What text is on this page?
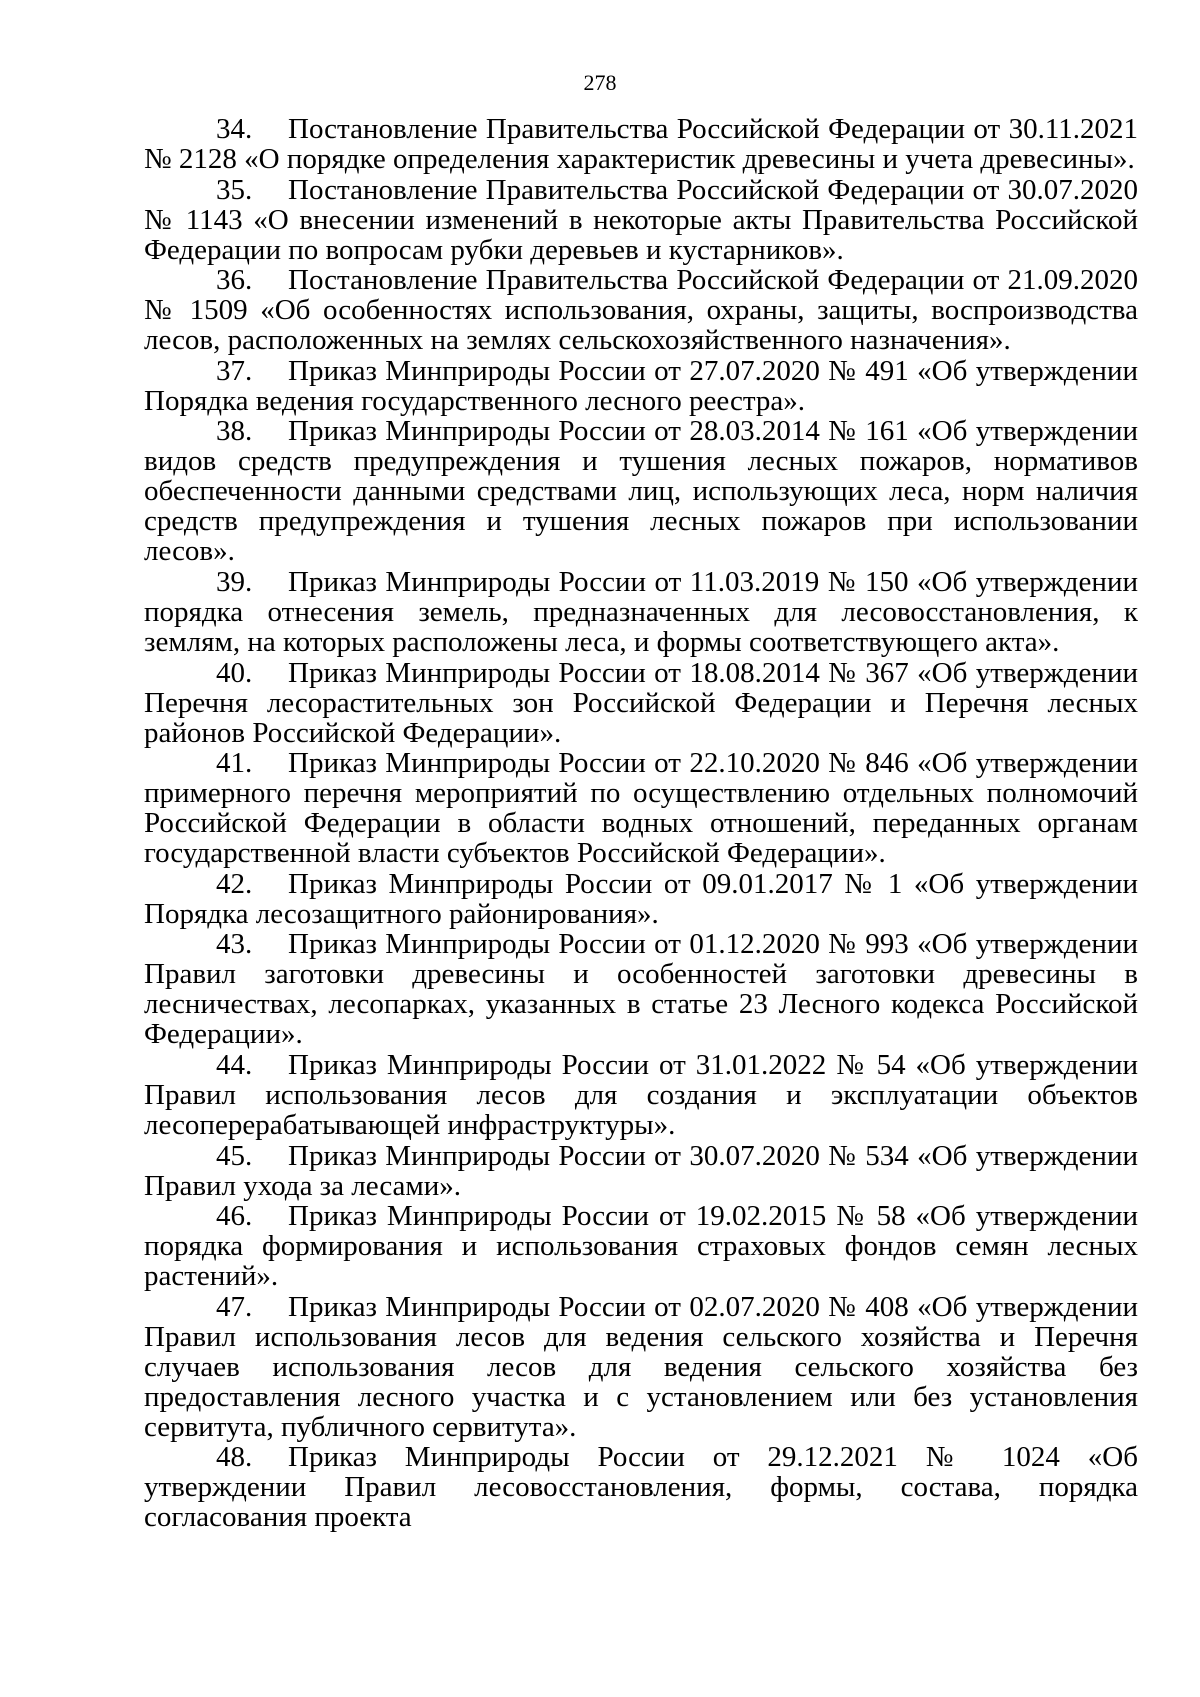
278

34. Постановление Правительства Российской Федерации от 30.11.2021 № 2128 «О порядке определения характеристик древесины и учета древесины».

35. Постановление Правительства Российской Федерации от 30.07.2020 № 1143 «О внесении изменений в некоторые акты Правительства Российской Федерации по вопросам рубки деревьев и кустарников».

36. Постановление Правительства Российской Федерации от 21.09.2020 № 1509 «Об особенностях использования, охраны, защиты, воспроизводства лесов, расположенных на землях сельскохозяйственного назначения».

37. Приказ Минприроды России от 27.07.2020 № 491 «Об утверждении Порядка ведения государственного лесного реестра».

38. Приказ Минприроды России от 28.03.2014 № 161 «Об утверждении видов средств предупреждения и тушения лесных пожаров, нормативов обеспеченности данными средствами лиц, использующих леса, норм наличия средств предупреждения и тушения лесных пожаров при использовании лесов».

39. Приказ Минприроды России от 11.03.2019 № 150 «Об утверждении порядка отнесения земель, предназначенных для лесовосстановления, к землям, на которых расположены леса, и формы соответствующего акта».

40. Приказ Минприроды России от 18.08.2014 № 367 «Об утверждении Перечня лесорастительных зон Российской Федерации и Перечня лесных районов Российской Федерации».

41. Приказ Минприроды России от 22.10.2020 № 846 «Об утверждении примерного перечня мероприятий по осуществлению отдельных полномочий Российской Федерации в области водных отношений, переданных органам государственной власти субъектов Российской Федерации».

42. Приказ Минприроды России от 09.01.2017 № 1 «Об утверждении Порядка лесозащитного районирования».

43. Приказ Минприроды России от 01.12.2020 № 993 «Об утверждении Правил заготовки древесины и особенностей заготовки древесины в лесничествах, лесопарках, указанных в статье 23 Лесного кодекса Российской Федерации».

44. Приказ Минприроды России от 31.01.2022 № 54 «Об утверждении Правил использования лесов для создания и эксплуатации объектов лесоперерабатывающей инфраструктуры».

45. Приказ Минприроды России от 30.07.2020 № 534 «Об утверждении Правил ухода за лесами».

46. Приказ Минприроды России от 19.02.2015 № 58 «Об утверждении порядка формирования и использования страховых фондов семян лесных растений».

47. Приказ Минприроды России от 02.07.2020 № 408 «Об утверждении Правил использования лесов для ведения сельского хозяйства и Перечня случаев использования лесов для ведения сельского хозяйства без предоставления лесного участка и с установлением или без установления сервитута, публичного сервитута».

48. Приказ Минприроды России от 29.12.2021 № 1024 «Об утверждении Правил лесовосстановления, формы, состава, порядка согласования проекта
